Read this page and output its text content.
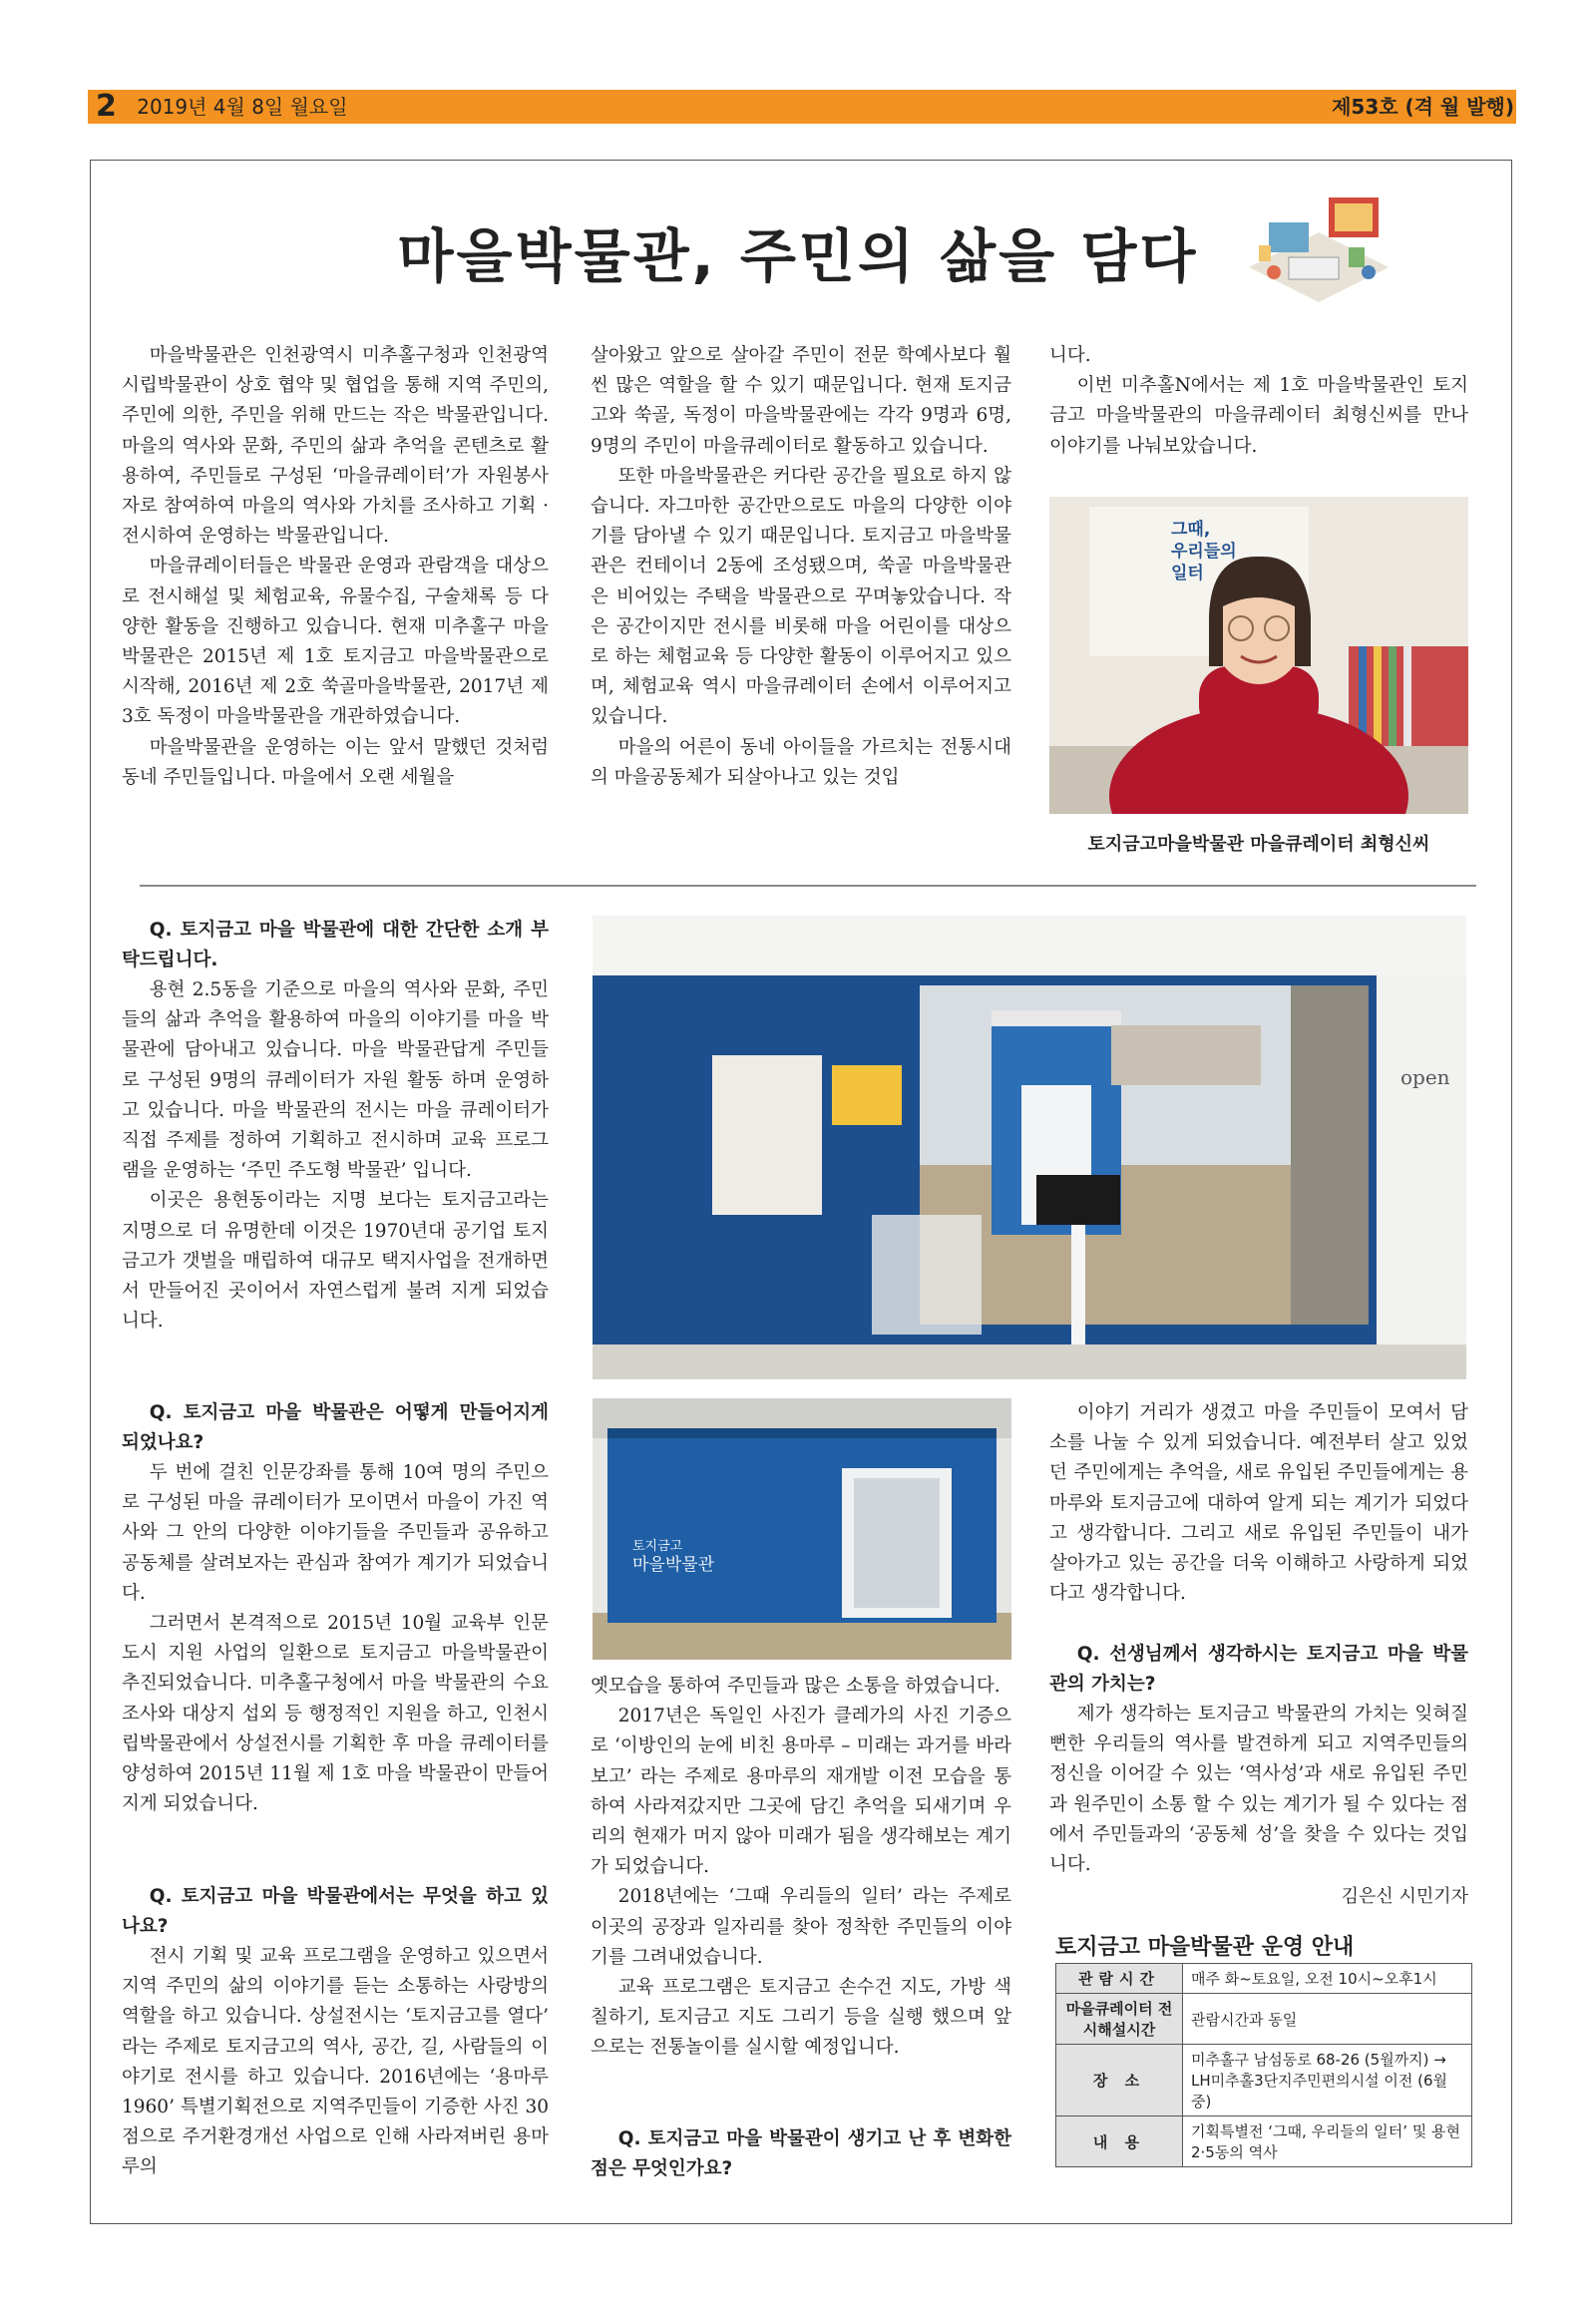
2 2019년 4월 8일 월요일	제53호 (격 월 발행)
마을박물관, 주민의 삶을 담다

마을박물관은 인천광역시 미추홀구청과 인천광역시립박물관이 상호 협약 및 협업을 통해 지역 주민의, 주민에 의한, 주민을 위해 만드는 작은 박물관입니다. 마을의 역사와 문화, 주민의 삶과 추억을 콘텐츠로 활용하여, 주민들로 구성된 ‘마을큐레이터’가 자원봉사자로 참여하여 마을의 역사와 가치를 조사하고 기획 · 전시하여 운영하는 박물관입니다.

마을큐레이터들은 박물관 운영과 관람객을 대상으로 전시해설 및 체험교육, 유물수집, 구술채록 등 다양한 활동을 진행하고 있습니다. 현재 미추홀구 마을박물관은 2015년 제 1호 토지금고 마을박물관으로 시작해, 2016년 제 2호 쑥골마을박물관, 2017년 제 3호 독정이 마을박물관을 개관하였습니다.

마을박물관을 운영하는 이는 앞서 말했던 것처럼 동네 주민들입니다. 마을에서 오랜 세월을

살아왔고 앞으로 살아갈 주민이 전문 학예사보다 훨씬 많은 역할을 할 수 있기 때문입니다. 현재 토지금고와 쑥골, 독정이 마을박물관에는 각각 9명과 6명, 9명의 주민이 마을큐레이터로 활동하고 있습니다.

또한 마을박물관은 커다란 공간을 필요로 하지 않습니다. 자그마한 공간만으로도 마을의 다양한 이야기를 담아낼 수 있기 때문입니다. 토지금고 마을박물관은 컨테이너 2동에 조성됐으며, 쑥골 마을박물관은 비어있는 주택을 박물관으로 꾸며놓았습니다. 작은 공간이지만 전시를 비롯해 마을 어린이를 대상으로 하는 체험교육 등 다양한 활동이 이루어지고 있으며, 체험교육 역시 마을큐레이터 손에서 이루어지고 있습니다.

마을의 어른이 동네 아이들을 가르치는 전통시대의 마을공동체가 되살아나고 있는 것입

니다.

이번 미추홀N에서는 제 1호 마을박물관인 토지금고 마을박물관의 마을큐레이터 최형신씨를 만나 이야기를 나눠보았습니다.

그때,
우리들의
일터
토지금고마을박물관 마을큐레이터 최형신씨

Q. 토지금고 마을 박물관에 대한 간단한 소개 부탁드립니다.

용현 2.5동을 기준으로 마을의 역사와 문화, 주민들의 삶과 추억을 활용하여 마을의 이야기를 마을 박물관에 담아내고 있습니다. 마을 박물관답게 주민들로 구성된 9명의 큐레이터가 자원 활동 하며 운영하고 있습니다. 마을 박물관의 전시는 마을 큐레이터가 직접 주제를 정하여 기획하고 전시하며 교육 프로그램을 운영하는 ‘주민 주도형 박물관’ 입니다.

이곳은 용현동이라는 지명 보다는 토지금고라는 지명으로 더 유명한데 이것은 1970년대 공기업 토지금고가 갯벌을 매립하여 대규모 택지사업을 전개하면서 만들어진 곳이어서 자연스럽게 불려 지게 되었습니다.

open

Q. 토지금고 마을 박물관은 어떻게 만들어지게 되었나요?

두 번에 걸친 인문강좌를 통해 10여 명의 주민으로 구성된 마을 큐레이터가 모이면서 마을이 가진 역사와 그 안의 다양한 이야기들을 주민들과 공유하고 공동체를 살려보자는 관심과 참여가 계기가 되었습니다.

그러면서 본격적으로 2015년 10월 교육부 인문 도시 지원 사업의 일환으로 토지금고 마을박물관이 추진되었습니다. 미추홀구청에서 마을 박물관의 수요조사와 대상지 섭외 등 행정적인 지원을 하고, 인천시립박물관에서 상설전시를 기획한 후 마을 큐레이터를 양성하여 2015년 11월 제 1호 마을 박물관이 만들어지게 되었습니다.

토지금고
마을박물관

Q. 토지금고 마을 박물관에서는 무엇을 하고 있나요?

전시 기획 및 교육 프로그램을 운영하고 있으면서 지역 주민의 삶의 이야기를 듣는 소통하는 사랑방의 역할을 하고 있습니다. 상설전시는 ‘토지금고를 열다’ 라는 주제로 토지금고의 역사, 공간, 길, 사람들의 이야기로 전시를 하고 있습니다. 2016년에는 ‘용마루 1960’ 특별기획전으로 지역주민들이 기증한 사진 30점으로 주거환경개선 사업으로 인해 사라져버린 용마루의

옛모습을 통하여 주민들과 많은 소통을 하였습니다.

2017년은 독일인 사진가 클레가의 사진 기증으로 ‘이방인의 눈에 비친 용마루 – 미래는 과거를 바라보고’ 라는 주제로 용마루의 재개발 이전 모습을 통하여 사라져갔지만 그곳에 담긴 추억을 되새기며 우리의 현재가 머지 않아 미래가 됨을 생각해보는 계기가 되었습니다.

2018년에는 ‘그때 우리들의 일터’ 라는 주제로 이곳의 공장과 일자리를 찾아 정착한 주민들의 이야기를 그려내었습니다.

교육 프로그램은 토지금고 손수건 지도, 가방 색칠하기, 토지금고 지도 그리기 등을 실행 했으며 앞으로는 전통놀이를 실시할 예정입니다.

Q. 토지금고 마을 박물관이 생기고 난 후 변화한 점은 무엇인가요?

이야기 거리가 생겼고 마을 주민들이 모여서 담소를 나눌 수 있게 되었습니다. 예전부터 살고 있었던 주민에게는 추억을, 새로 유입된 주민들에게는 용마루와 토지금고에 대하여 알게 되는 계기가 되었다고 생각합니다. 그리고 새로 유입된 주민들이 내가 살아가고 있는 공간을 더욱 이해하고 사랑하게 되었다고 생각합니다.

Q. 선생님께서 생각하시는 토지금고 마을 박물관의 가치는?

제가 생각하는 토지금고 박물관의 가치는 잊혀질 뻔한 우리들의 역사를 발견하게 되고 지역주민들의 정신을 이어갈 수 있는 ‘역사성’과 새로 유입된 주민과 원주민이 소통 할 수 있는 계기가 될 수 있다는 점에서 주민들과의 ‘공동체 성’을 찾을 수 있다는 것입니다.

김은신 시민기자
토지금고 마을박물관 운영 안내
관람시간	매주 화~토요일, 오전 10시~오후1시
마을큐레이터 전시해설시간	관람시간과 동일
장 소	미추홀구 남섬동로 68-26 (5월까지) → LH미추홀3단지주민편의시설 이전 (6월중)
내 용	기획특별전 ‘그때, 우리들의 일터’ 및 용현2·5동의 역사
